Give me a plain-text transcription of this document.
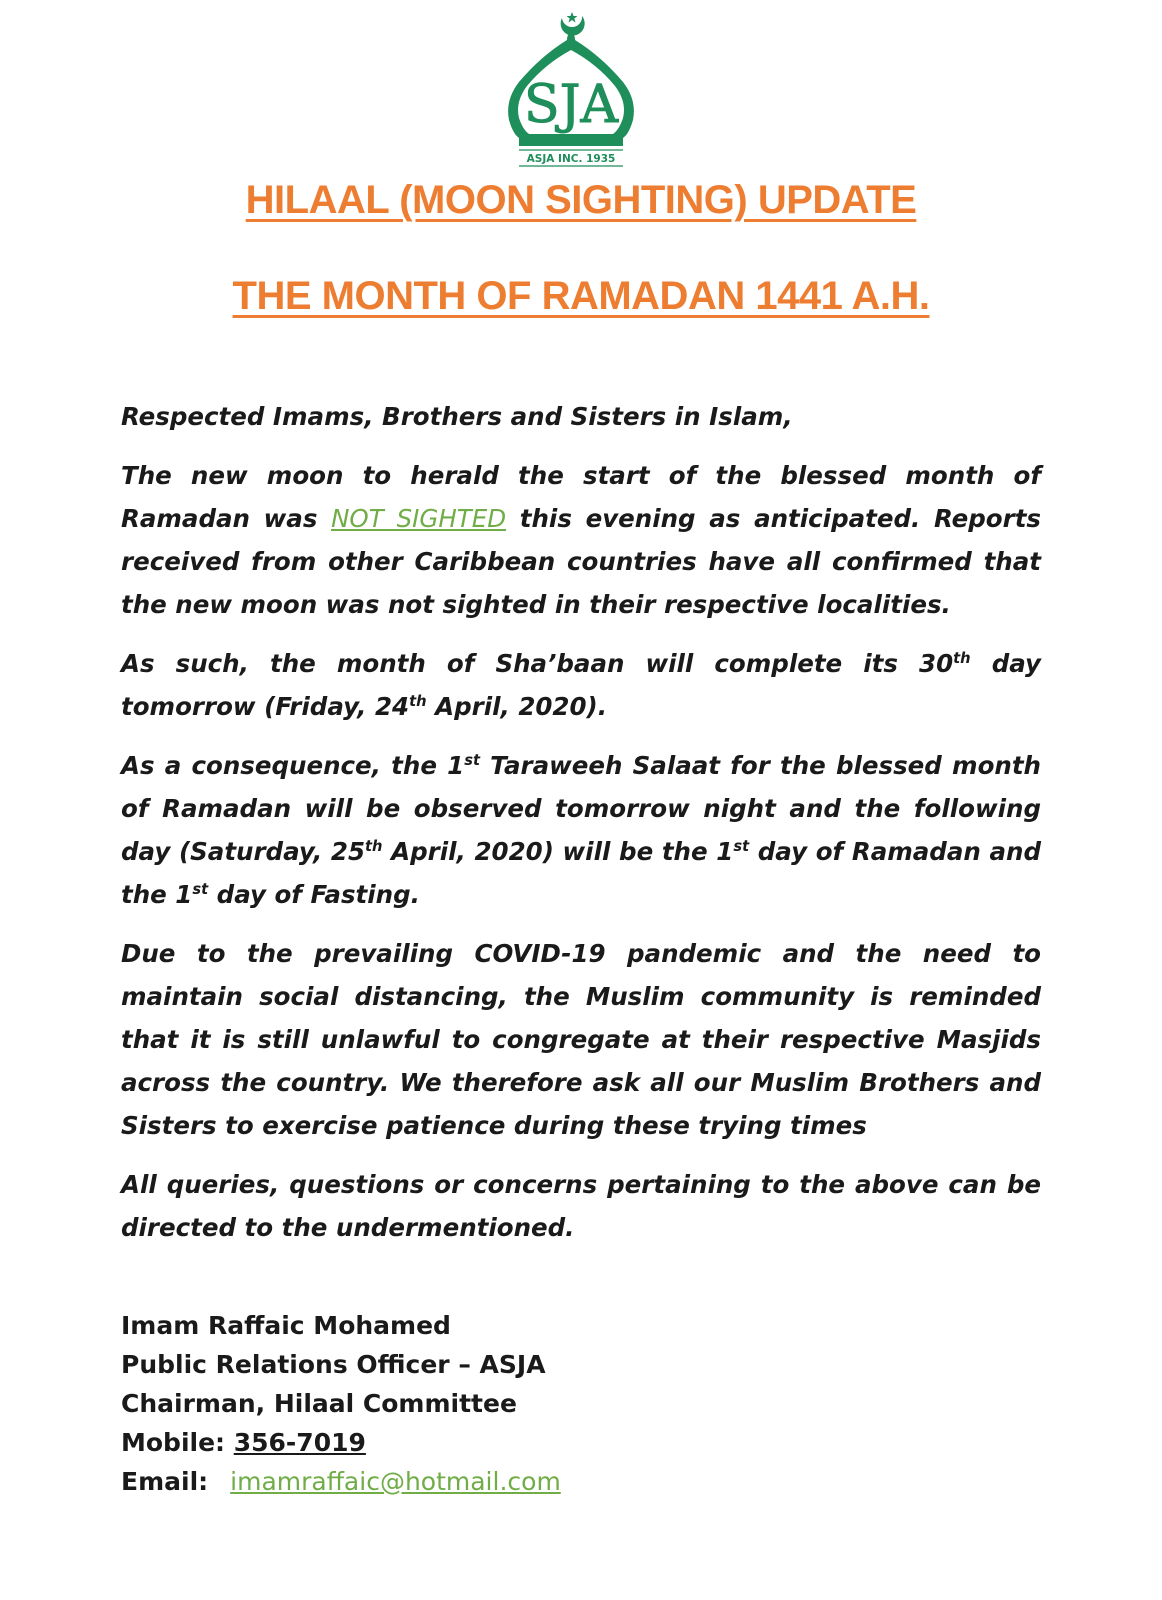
SJA
ASJA INC. 1935
HILAAL (MOON SIGHTING) UPDATE
THE MONTH OF RAMADAN 1441 A.H.

Respected Imams, Brothers and Sisters in Islam,

The new moon to herald the start of the blessed month of Ramadan was NOT SIGHTED this evening as anticipated. Reports received from other Caribbean countries have all confirmed that the new moon was not sighted in their respective localities.

As such, the month of Sha’baan will complete its 30th day tomorrow (Friday, 24th April, 2020).

As a consequence, the 1st Taraweeh Salaat for the blessed month of Ramadan will be observed tomorrow night and the following day (Saturday, 25th April, 2020) will be the 1st day of Ramadan and the 1st day of Fasting.

Due to the prevailing COVID-19 pandemic and the need to maintain social distancing, the Muslim community is reminded that it is still unlawful to congregate at their respective Masjids across the country. We therefore ask all our Muslim Brothers and Sisters to exercise patience during these trying times

All queries, questions or concerns pertaining to the above can be directed to the undermentioned.

Imam Raffaic Mohamed
Public Relations Officer – ASJA
Chairman, Hilaal Committee
Mobile: 356-7019
Email: imamraffaic@hotmail.com
